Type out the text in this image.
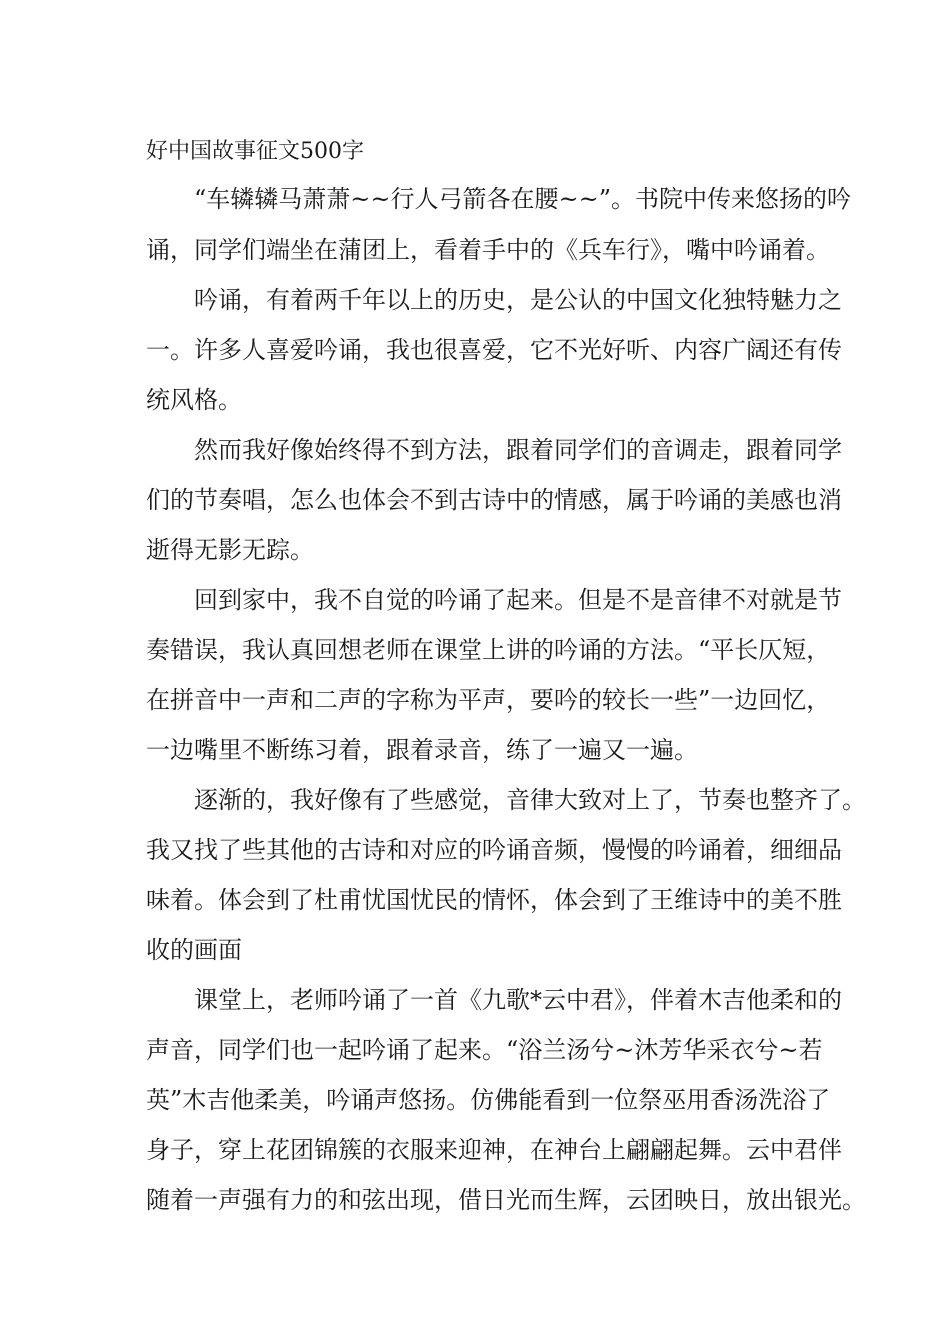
好中国故事征文500字
“车辚辚马萧萧~~行人弓箭各在腰~~”。书院中传来悠扬的吟
诵，同学们端坐在蒲团上，看着手中的《兵车行》，嘴中吟诵着。
吟诵，有着两千年以上的历史，是公认的中国文化独特魅力之
一。许多人喜爱吟诵，我也很喜爱，它不光好听、内容广阔还有传
统风格。
然而我好像始终得不到方法，跟着同学们的音调走，跟着同学
们的节奏唱，怎么也体会不到古诗中的情感，属于吟诵的美感也消
逝得无影无踪。
回到家中，我不自觉的吟诵了起来。但是不是音律不对就是节
奏错误，我认真回想老师在课堂上讲的吟诵的方法。“平长仄短，
在拼音中一声和二声的字称为平声，要吟的较长一些”一边回忆，
一边嘴里不断练习着，跟着录音，练了一遍又一遍。
逐渐的，我好像有了些感觉，音律大致对上了，节奏也整齐了。
我又找了些其他的古诗和对应的吟诵音频，慢慢的吟诵着，细细品
味着。体会到了杜甫忧国忧民的情怀，体会到了王维诗中的美不胜
收的画面
课堂上，老师吟诵了一首《九歌*云中君》，伴着木吉他柔和的
声音，同学们也一起吟诵了起来。“浴兰汤兮~沐芳华采衣兮~若
英”木吉他柔美，吟诵声悠扬。仿佛能看到一位祭巫用香汤洗浴了
身子，穿上花团锦簇的衣服来迎神，在神台上翩翩起舞。云中君伴
随着一声强有力的和弦出现，借日光而生辉，云团映日，放出银光。
